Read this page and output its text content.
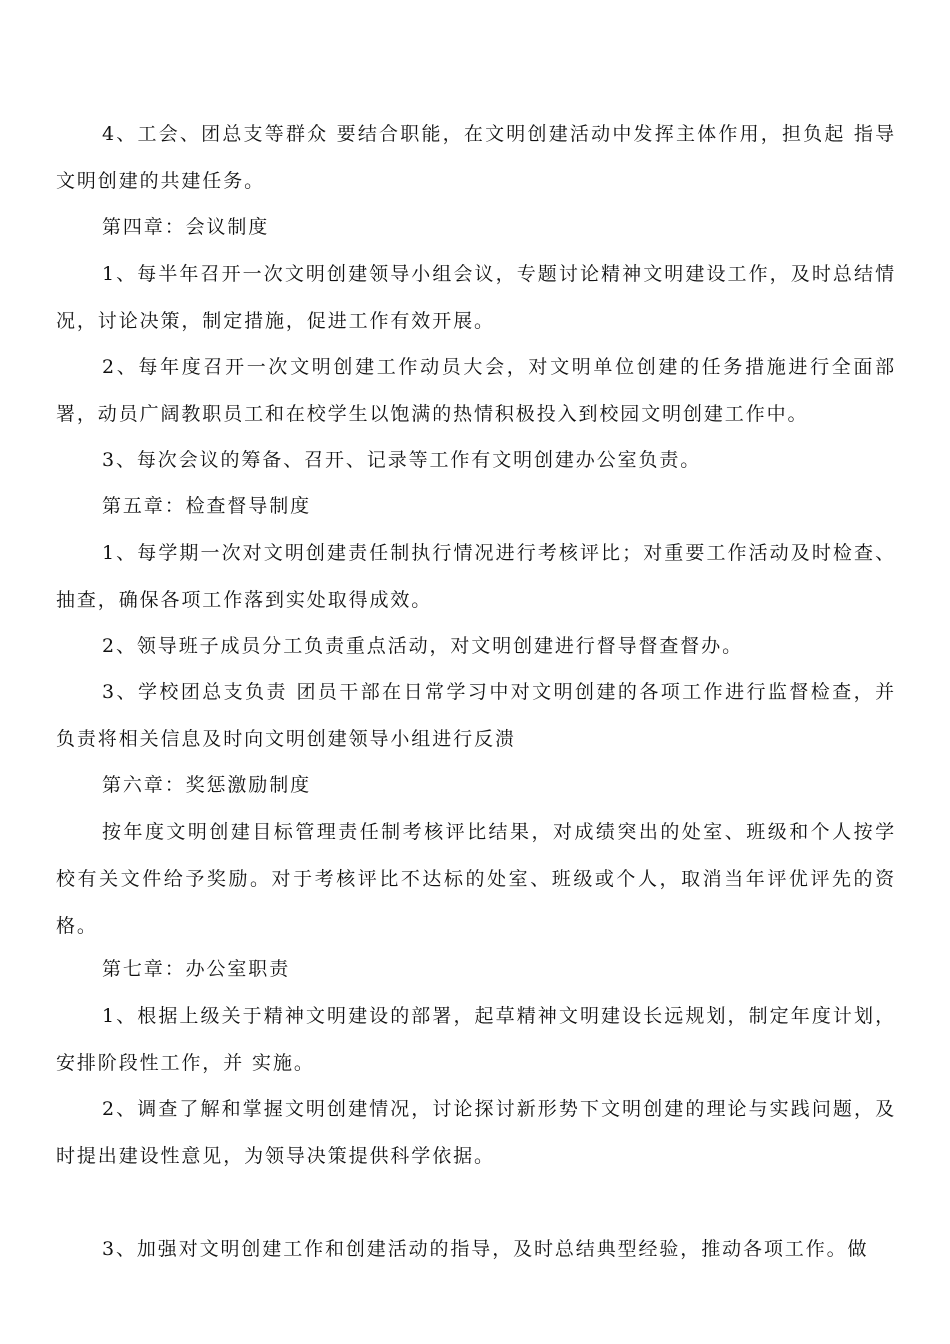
4、工会、团总支等群众 要结合职能，在文明创建活动中发挥主体作用，担负起 指导文明创建的共建任务。

第四章：会议制度

1、每半年召开一次文明创建领导小组会议，专题讨论精神文明建设工作，及时总结情况，讨论决策，制定措施，促进工作有效开展。

2、每年度召开一次文明创建工作动员大会，对文明单位创建的任务措施进行全面部署，动员广阔教职员工和在校学生以饱满的热情积极投入到校园文明创建工作中。

3、每次会议的筹备、召开、记录等工作有文明创建办公室负责。

第五章：检查督导制度

1、每学期一次对文明创建责任制执行情况进行考核评比；对重要工作活动及时检查、抽查，确保各项工作落到实处取得成效。

2、领导班子成员分工负责重点活动，对文明创建进行督导督查督办。

3、学校团总支负责 团员干部在日常学习中对文明创建的各项工作进行监督检查，并负责将相关信息及时向文明创建领导小组进行反溃

第六章：奖惩激励制度

按年度文明创建目标管理责任制考核评比结果，对成绩突出的处室、班级和个人按学校有关文件给予奖励。对于考核评比不达标的处室、班级或个人，取消当年评优评先的资格。

第七章：办公室职责

1、根据上级关于精神文明建设的部署，起草精神文明建设长远规划，制定年度计划，安排阶段性工作，并 实施。

2、调查了解和掌握文明创建情况，讨论探讨新形势下文明创建的理论与实践问题，及时提出建设性意见，为领导决策提供科学依据。

3、加强对文明创建工作和创建活动的指导，及时总结典型经验，推动各项工作。做
